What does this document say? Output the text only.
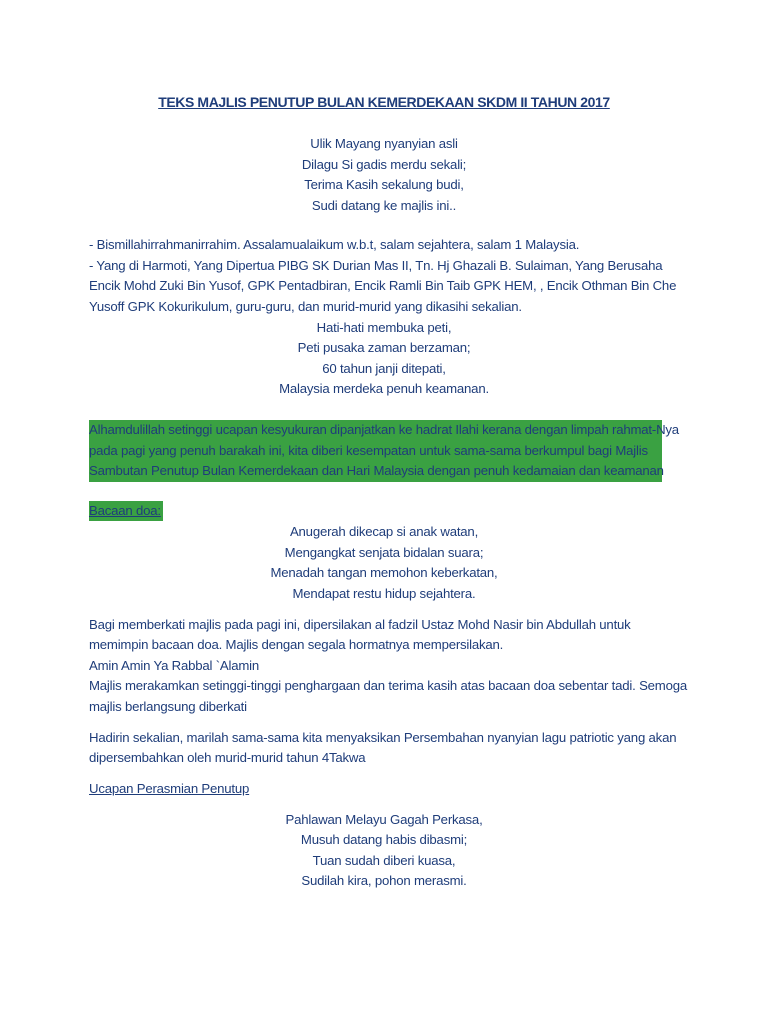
TEKS MAJLIS PENUTUP BULAN KEMERDEKAAN SKDM II TAHUN 2017
Ulik Mayang nyanyian asli
Dilagu Si gadis merdu sekali;
Terima Kasih sekalung budi,
Sudi datang ke majlis ini..
- Bismillahirrahmanirrahim. Assalamualaikum w.b.t, salam sejahtera, salam 1 Malaysia.
- Yang di Harmoti, Yang Dipertua PIBG SK Durian Mas II, Tn. Hj Ghazali B. Sulaiman, Yang Berusaha
Encik Mohd Zuki Bin Yusof, GPK Pentadbiran, Encik Ramli Bin Taib GPK HEM, , Encik Othman Bin Che
Yusoff GPK Kokurikulum, guru-guru, dan murid-murid yang dikasihi sekalian.
Hati-hati membuka peti,
Peti pusaka zaman berzaman;
60 tahun janji ditepati,
Malaysia merdeka penuh keamanan.
Alhamdulillah setinggi ucapan kesyukuran dipanjatkan ke hadrat Ilahi kerana dengan limpah rahmat-Nya
pada pagi yang penuh barakah ini, kita diberi kesempatan untuk sama-sama berkumpul bagi Majlis
Sambutan Penutup Bulan Kemerdekaan dan Hari Malaysia dengan penuh kedamaian dan keamanan
Bacaan doa:
Anugerah dikecap si anak watan,
Mengangkat senjata bidalan suara;
Menadah tangan memohon keberkatan,
Mendapat restu hidup sejahtera.
Bagi memberkati majlis pada pagi ini, dipersilakan al fadzil Ustaz Mohd Nasir bin Abdullah untuk
memimpin bacaan doa. Majlis dengan segala hormatnya mempersilakan.
Amin Amin Ya Rabbal `Alamin
Majlis merakamkan setinggi-tinggi penghargaan dan terima kasih atas bacaan doa sebentar tadi. Semoga
majlis berlangsung diberkati
Hadirin sekalian, marilah sama-sama kita menyaksikan Persembahan nyanyian lagu patriotic yang akan
dipersembahkan oleh murid-murid tahun 4Takwa
Ucapan Perasmian Penutup
Pahlawan Melayu Gagah Perkasa,
Musuh datang habis dibasmi;
Tuan sudah diberi kuasa,
Sudilah kira, pohon merasmi.
